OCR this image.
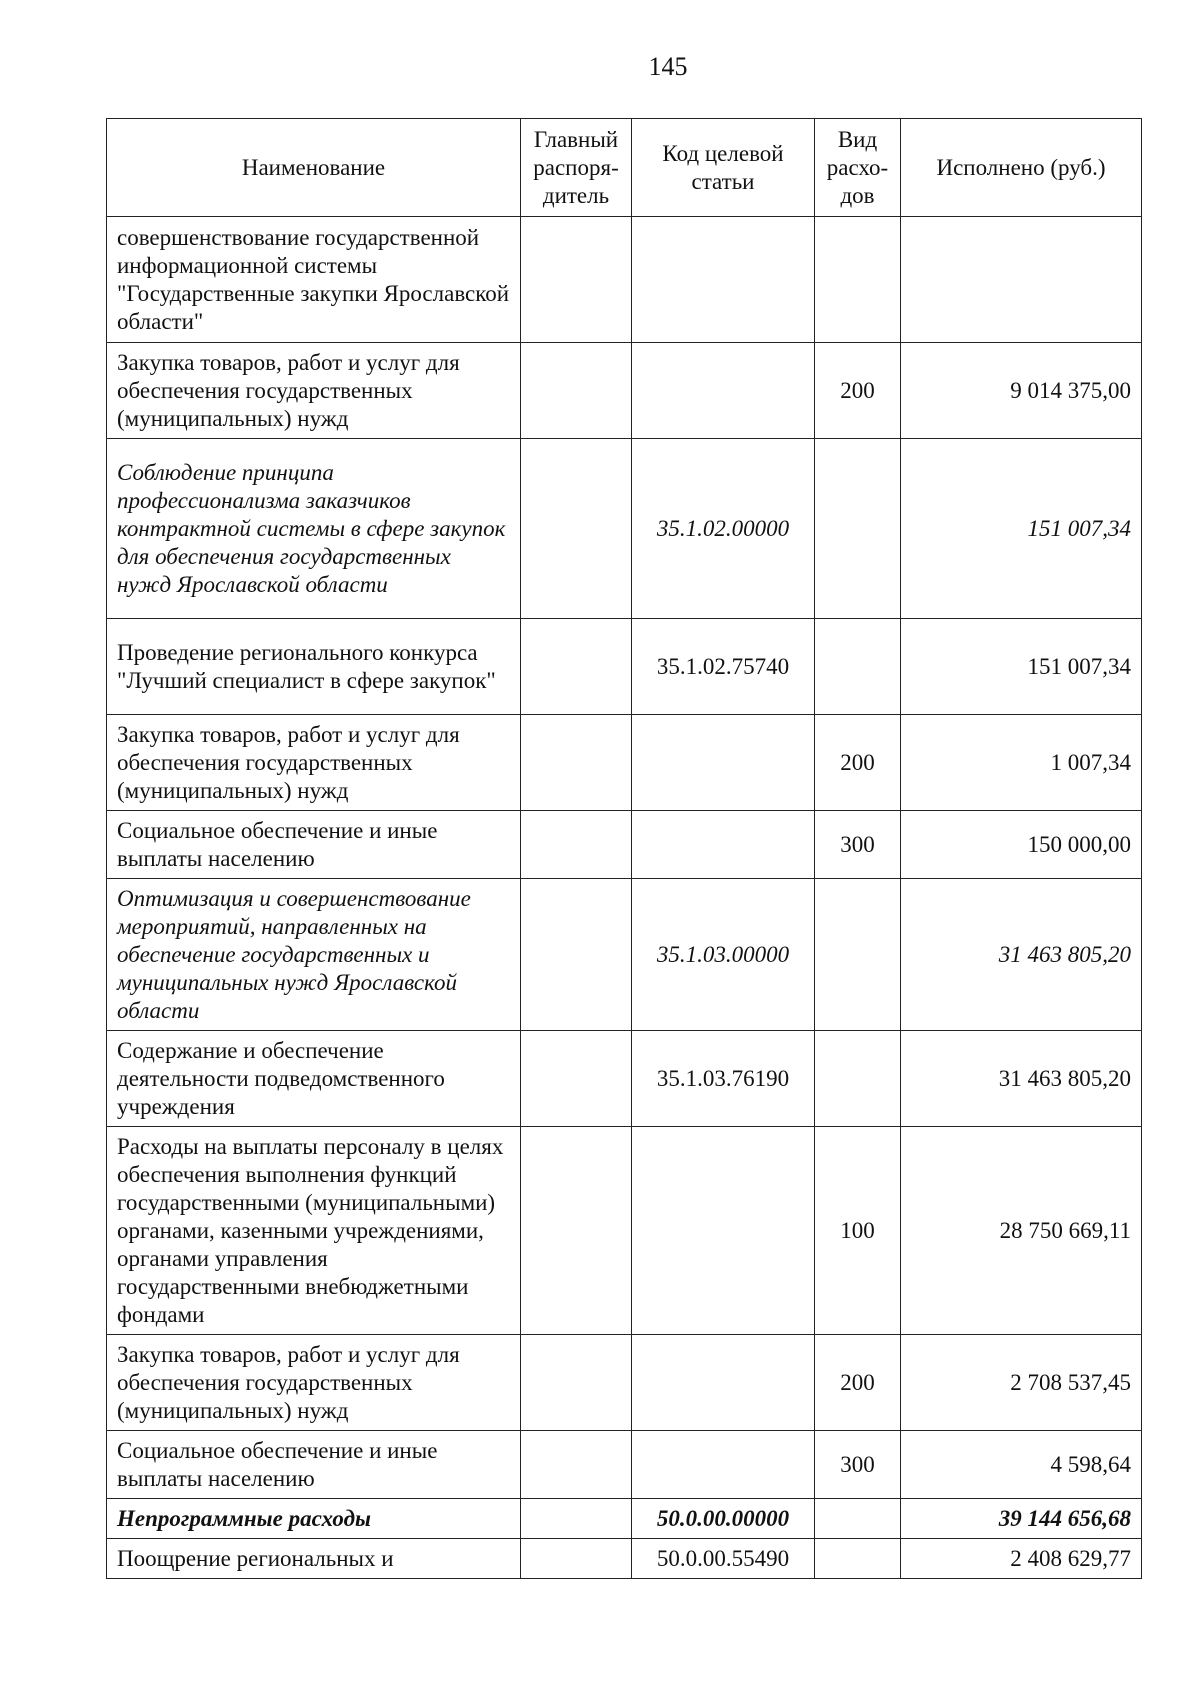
145
Наименование	Главный распоря-дитель	Код целевой статьи	Вид расхо-дов	Исполнено (руб.)
совершенствование государственной информационной системы "Государственные закупки Ярославской области"				
Закупка товаров, работ и услуг для обеспечения государственных (муниципальных) нужд			200	9 014 375,00
Соблюдение принципа профессионализма заказчиков контрактной системы в сфере закупок для обеспечения государственных нужд Ярославской области		35.1.02.00000		151 007,34
Проведение регионального конкурса "Лучший специалист в сфере закупок"		35.1.02.75740		151 007,34
Закупка товаров, работ и услуг для обеспечения государственных (муниципальных) нужд			200	1 007,34
Социальное обеспечение и иные выплаты населению			300	150 000,00
Оптимизация и совершенствование мероприятий, направленных на обеспечение государственных и муниципальных нужд Ярославской области		35.1.03.00000		31 463 805,20
Содержание и обеспечение деятельности подведомственного учреждения		35.1.03.76190		31 463 805,20
Расходы на выплаты персоналу в целях обеспечения выполнения функций государственными (муниципальными) органами, казенными учреждениями, органами управления государственными внебюджетными фондами			100	28 750 669,11
Закупка товаров, работ и услуг для обеспечения государственных (муниципальных) нужд			200	2 708 537,45
Социальное обеспечение и иные выплаты населению			300	4 598,64
Непрограммные расходы		50.0.00.00000		39 144 656,68
Поощрение региональных и		50.0.00.55490		2 408 629,77
